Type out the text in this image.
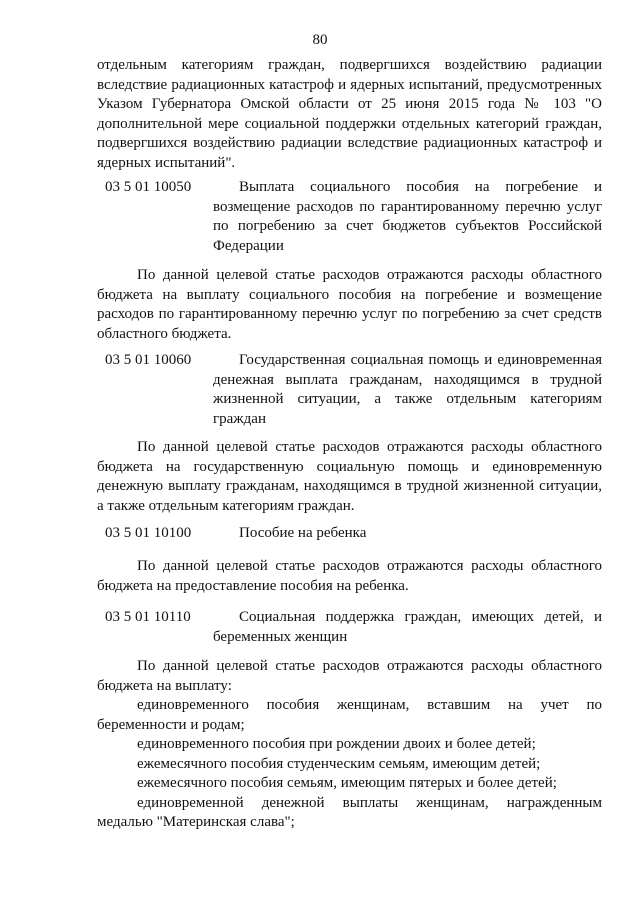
80
отдельным категориям граждан, подвергшихся воздействию радиации вследствие радиационных катастроф и ядерных испытаний, предусмотренных Указом Губернатора Омской области от 25 июня 2015 года № 103 "О дополнительной мере социальной поддержки отдельных категорий граждан, подвергшихся воздействию радиации вследствие радиационных катастроф и ядерных испытаний".
03 5 01 10050	Выплата социального пособия на погребение и возмещение расходов по гарантированному перечню услуг по погребению за счет бюджетов субъектов Российской Федерации
По данной целевой статье расходов отражаются расходы областного бюджета на выплату социального пособия на погребение и возмещение расходов по гарантированному перечню услуг по погребению за счет средств областного бюджета.
03 5 01 10060	Государственная социальная помощь и единовременная денежная выплата гражданам, находящимся в трудной жизненной ситуации, а также отдельным категориям граждан
По данной целевой статье расходов отражаются расходы областного бюджета на государственную социальную помощь и единовременную денежную выплату гражданам, находящимся в трудной жизненной ситуации, а также отдельным категориям граждан.
03 5 01 10100	Пособие на ребенка
По данной целевой статье расходов отражаются расходы областного бюджета на предоставление пособия на ребенка.
03 5 01 10110	Социальная поддержка граждан, имеющих детей, и беременных женщин
По данной целевой статье расходов отражаются расходы областного бюджета на выплату:
единовременного пособия женщинам, вставшим на учет по беременности и родам;
единовременного пособия при рождении двоих и более детей;
ежемесячного пособия студенческим семьям, имеющим детей;
ежемесячного пособия семьям, имеющим пятерых и более детей;
единовременной денежной выплаты женщинам, награжденным медалью "Материнская слава";
